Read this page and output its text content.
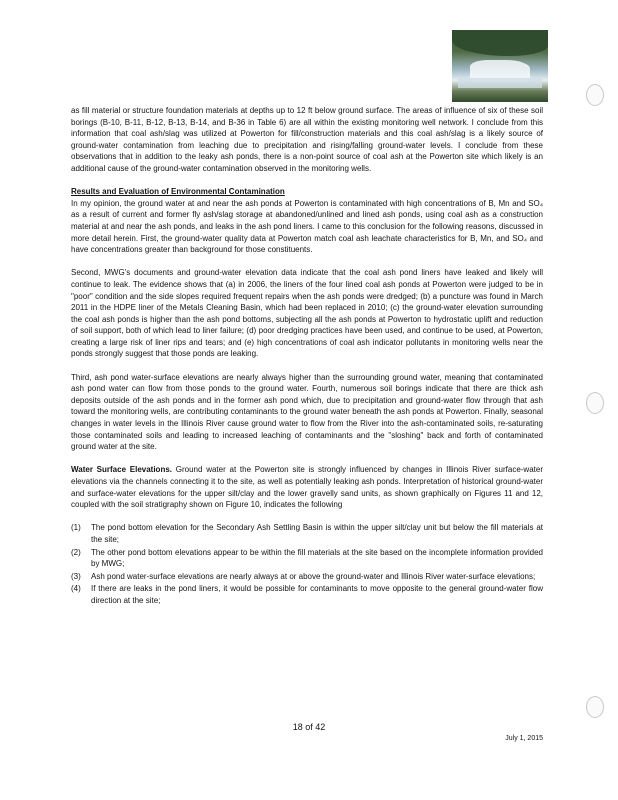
as fill material or structure foundation materials at depths up to 12 ft below ground surface. The areas of influence of six of these soil borings (B-10, B-11, B-12, B-13, B-14, and B-36 in Table 6) are all within the existing monitoring well network. I conclude from this information that coal ash/slag was utilized at Powerton for fill/construction materials and this coal ash/slag is a likely source of ground-water contamination from leaching due to precipitation and rising/falling ground-water levels. I conclude from these observations that in addition to the leaky ash ponds, there is a non-point source of coal ash at the Powerton site which likely is an additional cause of the ground-water contamination observed in the monitoring wells.

Results and Evaluation of Environmental Contamination

In my opinion, the ground water at and near the ash ponds at Powerton is contaminated with high concentrations of B, Mn and SO₄ as a result of current and former fly ash/slag storage at abandoned/unlined and lined ash ponds, using coal ash as a construction material at and near the ash ponds, and leaks in the ash pond liners. I came to this conclusion for the following reasons, discussed in more detail herein. First, the ground-water quality data at Powerton match coal ash leachate characteristics for B, Mn, and SO₄ and have concentrations greater than background for those constituents.

Second, MWG's documents and ground-water elevation data indicate that the coal ash pond liners have leaked and likely will continue to leak. The evidence shows that (a) in 2006, the liners of the four lined coal ash ponds at Powerton were judged to be in "poor" condition and the side slopes required frequent repairs when the ash ponds were dredged; (b) a puncture was found in March 2011 in the HDPE liner of the Metals Cleaning Basin, which had been replaced in 2010; (c) the ground-water elevation surrounding the coal ash ponds is higher than the ash pond bottoms, subjecting all the ash ponds at Powerton to hydrostatic uplift and reduction of soil support, both of which lead to liner failure; (d) poor dredging practices have been used, and continue to be used, at Powerton, creating a large risk of liner rips and tears; and (e) high concentrations of coal ash indicator pollutants in monitoring wells near the ponds strongly suggest that those ponds are leaking.

Third, ash pond water-surface elevations are nearly always higher than the surrounding ground water, meaning that contaminated ash pond water can flow from those ponds to the ground water. Fourth, numerous soil borings indicate that there are thick ash deposits outside of the ash ponds and in the former ash pond which, due to precipitation and ground-water flow through that ash toward the monitoring wells, are contributing contaminants to the ground water beneath the ash ponds at Powerton. Finally, seasonal changes in water levels in the Illinois River cause ground water to flow from the River into the ash-contaminated soils, re-saturating those contaminated soils and leading to increased leaching of contaminants and the "sloshing" back and forth of contaminated ground water at the site.

Water Surface Elevations. Ground water at the Powerton site is strongly influenced by changes in Illinois River surface-water elevations via the channels connecting it to the site, as well as potentially leaking ash ponds. Interpretation of historical ground-water and surface-water elevations for the upper silt/clay and the lower gravelly sand units, as shown graphically on Figures 11 and 12, coupled with the soil stratigraphy shown on Figure 10, indicates the following

(1) The pond bottom elevation for the Secondary Ash Settling Basin is within the upper silt/clay unit but below the fill materials at the site;
(2) The other pond bottom elevations appear to be within the fill materials at the site based on the incomplete information provided by MWG;
(3) Ash pond water-surface elevations are nearly always at or above the ground-water and Illinois River water-surface elevations;
(4) If there are leaks in the pond liners, it would be possible for contaminants to move opposite to the general ground-water flow direction at the site;
18 of 42
July 1, 2015
